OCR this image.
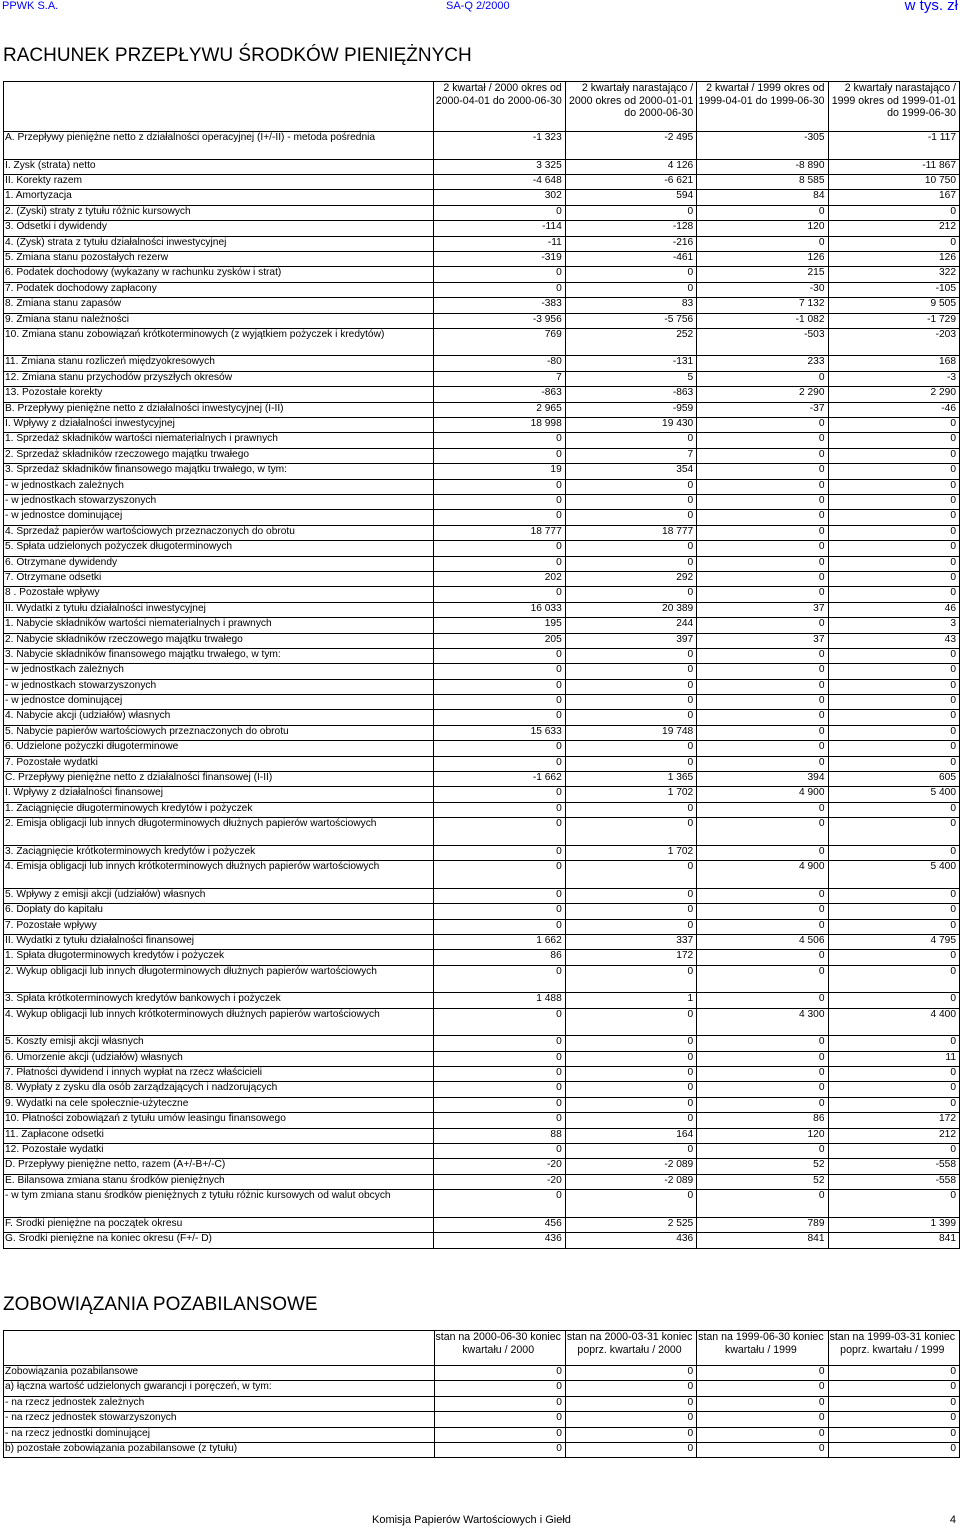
PPWK S.A.	SA-Q 2/2000	w tys. zł
RACHUNEK PRZEPŁYWU ŚRODKÓW PIENIĘŻNYCH
	2 kwartał / 2000 okres od 2000-04-01 do 2000-06-30	2 kwartały narastająco / 2000 okres od 2000-01-01 do 2000-06-30	2 kwartał / 1999 okres od 1999-04-01 do 1999-06-30	2 kwartały narastająco / 1999 okres od 1999-01-01 do 1999-06-30
A. Przepływy pieniężne netto z działalności operacyjnej (I+/-II) - metoda pośrednia	-1 323	-2 495	-305	-1 117
I. Zysk (strata) netto	3 325	4 126	-8 890	-11 867
II. Korekty razem	-4 648	-6 621	8 585	10 750
1. Amortyzacja	302	594	84	167
2. (Zyski) straty z tytułu różnic kursowych	0	0	0	0
3. Odsetki i dywidendy	-114	-128	120	212
4. (Zysk) strata z tytułu działalności inwestycyjnej	-11	-216	0	0
5. Zmiana stanu pozostałych rezerw	-319	-461	126	126
6. Podatek dochodowy (wykazany w rachunku zysków i strat)	0	0	215	322
7. Podatek dochodowy zapłacony	0	0	-30	-105
8. Zmiana stanu zapasów	-383	83	7 132	9 505
9. Zmiana stanu należności	-3 956	-5 756	-1 082	-1 729
10. Zmiana stanu zobowiązań krótkoterminowych (z wyjątkiem pożyczek i kredytów)	769	252	-503	-203
11. Zmiana stanu rozliczeń międzyokresowych	-80	-131	233	168
12. Zmiana stanu przychodów przyszłych okresów	7	5	0	-3
13. Pozostałe korekty	-863	-863	2 290	2 290
B. Przepływy pieniężne netto z działalności inwestycyjnej (I-II)	2 965	-959	-37	-46
I. Wpływy z działalności inwestycyjnej	18 998	19 430	0	0
1. Sprzedaż składników wartości niematerialnych i prawnych	0	0	0	0
2. Sprzedaż składników rzeczowego majątku trwałego	0	7	0	0
3. Sprzedaż składników finansowego majątku trwałego, w tym:	19	354	0	0
- w jednostkach zależnych	0	0	0	0
- w jednostkach stowarzyszonych	0	0	0	0
- w jednostce dominującej	0	0	0	0
4. Sprzedaż papierów wartościowych przeznaczonych do obrotu	18 777	18 777	0	0
5. Spłata udzielonych pożyczek długoterminowych	0	0	0	0
6. Otrzymane dywidendy	0	0	0	0
7. Otrzymane odsetki	202	292	0	0
8 . Pozostałe wpływy	0	0	0	0
II. Wydatki z tytułu działalności inwestycyjnej	16 033	20 389	37	46
1. Nabycie składników wartości niematerialnych i prawnych	195	244	0	3
2. Nabycie składników rzeczowego majątku trwałego	205	397	37	43
3. Nabycie składników finansowego majątku trwałego, w tym:	0	0	0	0
- w jednostkach zależnych	0	0	0	0
- w jednostkach stowarzyszonych	0	0	0	0
- w jednostce dominującej	0	0	0	0
4. Nabycie akcji (udziałów) własnych	0	0	0	0
5. Nabycie papierów wartościowych przeznaczonych do obrotu	15 633	19 748	0	0
6. Udzielone pożyczki długoterminowe	0	0	0	0
7. Pozostałe wydatki	0	0	0	0
C. Przepływy pieniężne netto z działalności finansowej (I-II)	-1 662	1 365	394	605
I. Wpływy z działalności finansowej	0	1 702	4 900	5 400
1. Zaciągnięcie długoterminowych kredytów i pożyczek	0	0	0	0
2. Emisja obligacji lub innych długoterminowych dłużnych papierów wartościowych	0	0	0	0
3. Zaciągnięcie krótkoterminowych kredytów i pożyczek	0	1 702	0	0
4. Emisja obligacji lub innych krótkoterminowych dłużnych papierów wartościowych	0	0	4 900	5 400
5. Wpływy z emisji akcji (udziałów) własnych	0	0	0	0
6. Dopłaty do kapitału	0	0	0	0
7. Pozostałe wpływy	0	0	0	0
II. Wydatki z tytułu działalności finansowej	1 662	337	4 506	4 795
1. Spłata długoterminowych kredytów i pożyczek	86	172	0	0
2. Wykup obligacji lub innych długoterminowych dłużnych papierów wartościowych	0	0	0	0
3. Spłata krótkoterminowych kredytów bankowych i pożyczek	1 488	1	0	0
4. Wykup obligacji lub innych krótkoterminowych dłużnych papierów wartościowych	0	0	4 300	4 400
5. Koszty emisji akcji własnych	0	0	0	0
6. Umorzenie akcji (udziałów) własnych	0	0	0	11
7. Płatności dywidend i innych wypłat na rzecz właścicieli	0	0	0	0
8. Wypłaty z zysku dla osób zarządzających i nadzorujących	0	0	0	0
9. Wydatki na cele społecznie-użyteczne	0	0	0	0
10. Płatności zobowiązań z tytułu umów leasingu finansowego	0	0	86	172
11. Zapłacone odsetki	88	164	120	212
12. Pozostałe wydatki	0	0	0	0
D. Przepływy pieniężne netto, razem (A+/-B+/-C)	-20	-2 089	52	-558
E. Bilansowa zmiana stanu środków pieniężnych	-20	-2 089	52	-558
- w tym zmiana stanu środków pieniężnych z tytułu różnic kursowych od walut obcych	0	0	0	0
F. Środki pieniężne na początek okresu	456	2 525	789	1 399
G. Środki pieniężne na koniec okresu (F+/- D)	436	436	841	841
ZOBOWIĄZANIA POZABILANSOWE
	stan na 2000-06-30 koniec kwartału / 2000	stan na 2000-03-31 koniec poprz. kwartału / 2000	stan na 1999-06-30 koniec kwartału / 1999	stan na 1999-03-31 koniec poprz. kwartału / 1999
Zobowiązania pozabilansowe	0	0	0	0
a) łączna wartość udzielonych gwarancji i poręczeń, w tym:	0	0	0	0
- na rzecz jednostek zależnych	0	0	0	0
- na rzecz jednostek stowarzyszonych	0	0	0	0
- na rzecz jednostki dominującej	0	0	0	0
b) pozostałe zobowiązania pozabilansowe (z tytułu)	0	0	0	0
Komisja Papierów Wartościowych i Giełd	4
